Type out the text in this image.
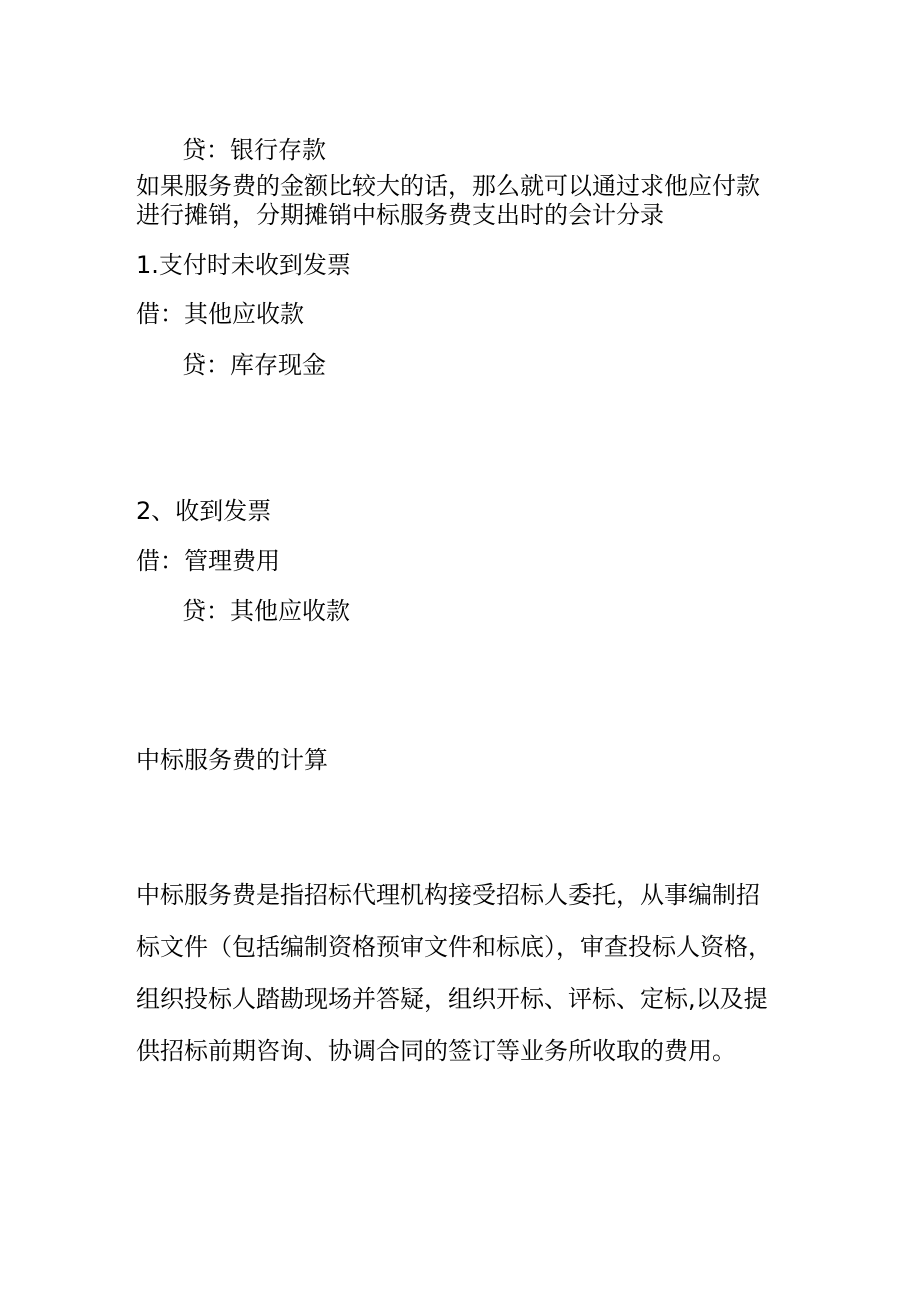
贷：银行存款
如果服务费的金额比较大的话，那么就可以通过求他应付款
进行摊销，分期摊销中标服务费支出时的会计分录
1.支付时未收到发票
借：其他应收款
贷：库存现金
2、收到发票
借：管理费用
贷：其他应收款
中标服务费的计算
中标服务费是指招标代理机构接受招标人委托，从事编制招
标文件（包括编制资格预审文件和标底），审查投标人资格，
组织投标人踏勘现场并答疑，组织开标、评标、定标,以及提
供招标前期咨询、协调合同的签订等业务所收取的费用。
